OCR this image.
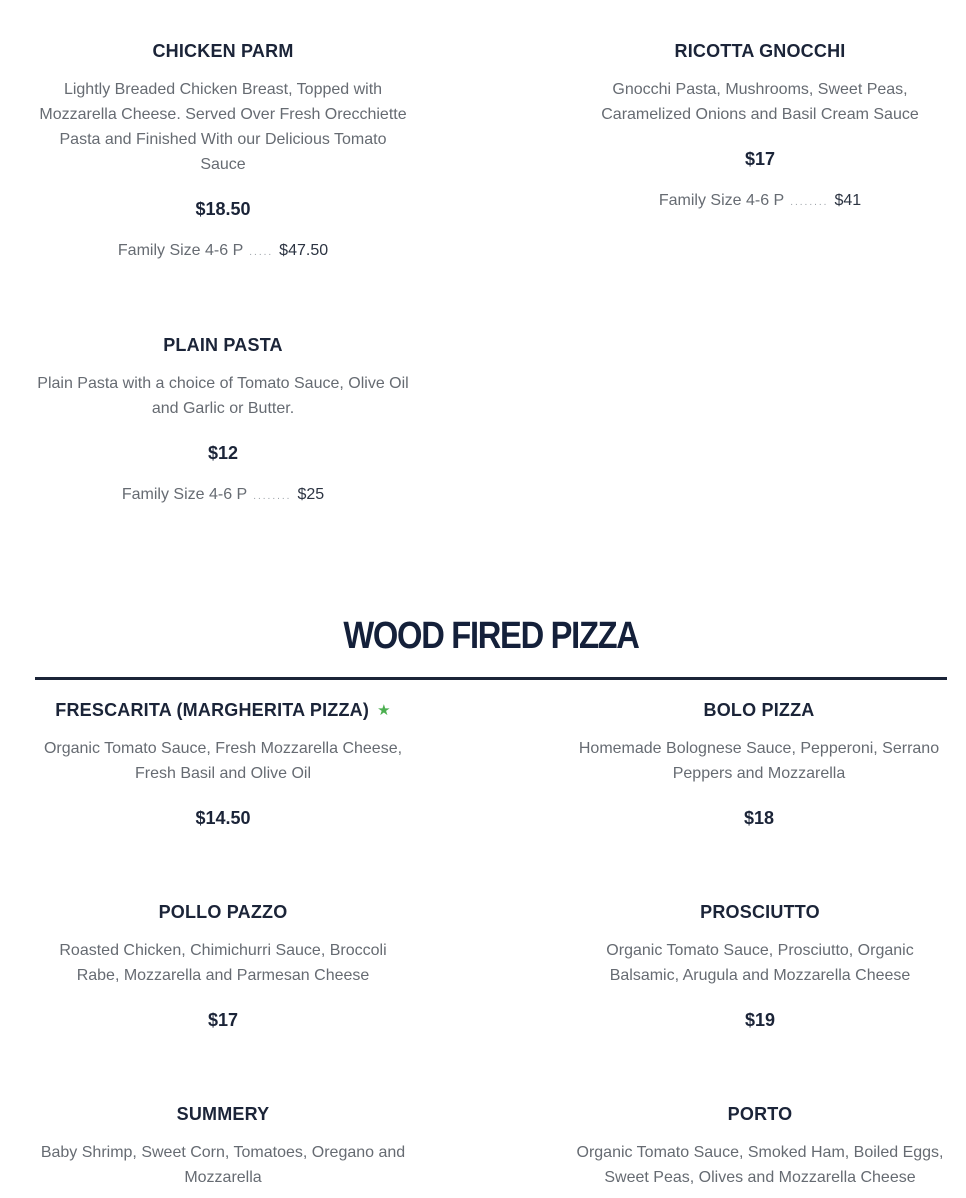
CHICKEN PARM
Lightly Breaded Chicken Breast, Topped with Mozzarella Cheese. Served Over Fresh Orecchiette Pasta and Finished With our Delicious Tomato Sauce
$18.50
Family Size 4-6 P ..... $47.50
RICOTTA GNOCCHI
Gnocchi Pasta, Mushrooms, Sweet Peas, Caramelized Onions and Basil Cream Sauce
$17
Family Size 4-6 P ........ $41
PLAIN PASTA
Plain Pasta with a choice of Tomato Sauce, Olive Oil and Garlic or Butter.
$12
Family Size 4-6 P ........ $25
WOOD FIRED PIZZA
FRESCARITA (MARGHERITA PIZZA) ★
Organic Tomato Sauce, Fresh Mozzarella Cheese, Fresh Basil and Olive Oil
$14.50
BOLO PIZZA
Homemade Bolognese Sauce, Pepperoni, Serrano Peppers and Mozzarella
$18
POLLO PAZZO
Roasted Chicken, Chimichurri Sauce, Broccoli Rabe, Mozzarella and Parmesan Cheese
$17
PROSCIUTTO
Organic Tomato Sauce, Prosciutto, Organic Balsamic, Arugula and Mozzarella Cheese
$19
SUMMERY
Baby Shrimp, Sweet Corn, Tomatoes, Oregano and Mozzarella
PORTO
Organic Tomato Sauce, Smoked Ham, Boiled Eggs, Sweet Peas, Olives and Mozzarella Cheese
